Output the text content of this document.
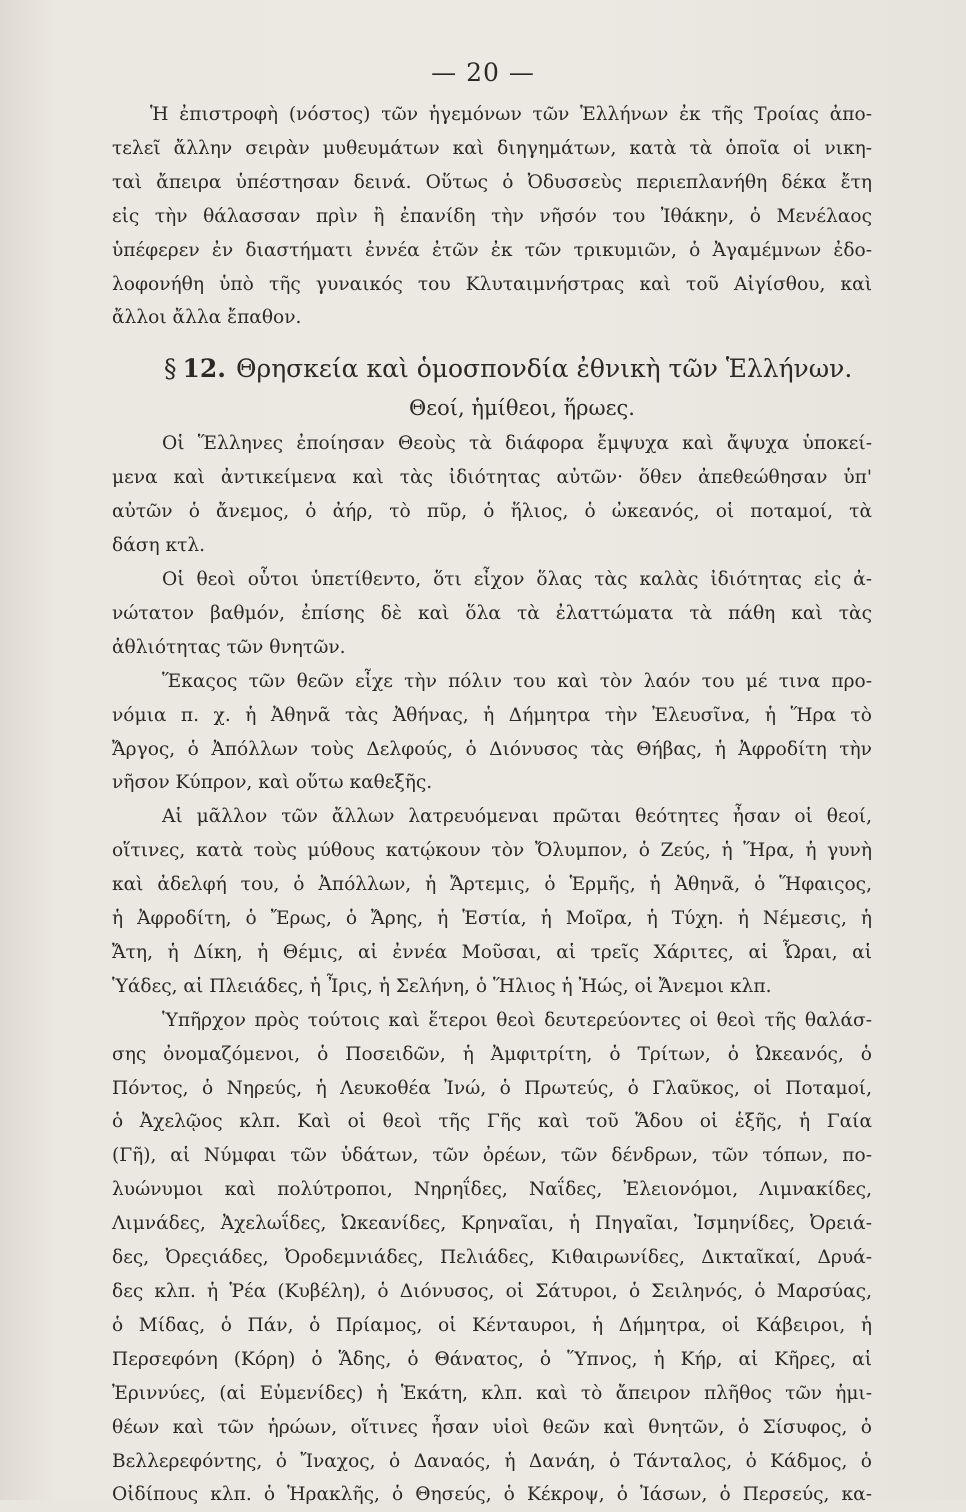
— 20 —
Ἡ ἐπιστροφὴ (νόστος) τῶν ἡγεμόνων τῶν Ἑλλήνων ἐκ τῆς Τροίας ἀπο-
τελεῖ ἄλλην σειρὰν μυθευμάτων καὶ διηγημάτων, κατὰ τὰ ὁποῖα οἱ νικη-
ταὶ ἄπειρα ὑπέστησαν δεινά. Οὕτως ὁ Ὀδυσσεὺς περιεπλανήθη δέκα ἔτη
εἰς τὴν θάλασσαν πρὶν ἢ ἐπανίδη τὴν νῆσόν του Ἰθάκην, ὁ Μενέλαος
ὑπέφερεν ἐν διαστήματι ἐννέα ἐτῶν ἐκ τῶν τρικυμιῶν, ὁ Ἀγαμέμνων ἐδο-
λοφονήθη ὑπὸ τῆς γυναικός του Κλυταιμνήστρας καὶ τοῦ Αἰγίσθου, καὶ
ἄλλοι ἄλλα ἔπαθον.
§ 12. Θρησκεία καὶ ὁμοσπονδία ἐθνικὴ τῶν Ἑλλήνων.
Θεοί, ἡμίθεοι, ἥρωες.
Οἱ Ἕλληνες ἐποίησαν Θεοὺς τὰ διάφορα ἔμψυχα καὶ ἄψυχα ὑποκεί-
μενα καὶ ἀντικείμενα καὶ τὰς ἰδιότητας αὐτῶν· ὅθεν ἀπεθεώθησαν ὑπ'
αὐτῶν ὁ ἄνεμος, ὁ ἀήρ, τὸ πῦρ, ὁ ἥλιος, ὁ ὠκεανός, οἱ ποταμοί, τὰ
δάση κτλ.
Οἱ θεοὶ οὗτοι ὑπετίθεντο, ὅτι εἶχον ὅλας τὰς καλὰς ἰδιότητας εἰς ἀ-
νώτατον βαθμόν, ἐπίσης δὲ καὶ ὅλα τὰ ἐλαττώματα τὰ πάθη καὶ τὰς
ἀθλιότητας τῶν θνητῶν.
Ἕκαςος τῶν θεῶν εἶχε τὴν πόλιν του καὶ τὸν λαόν του μέ τινα προ-
νόμια π. χ. ἡ Ἀθηνᾶ τὰς Ἀθήνας, ἡ Δήμητρα τὴν Ἐλευσῖνα, ἡ Ἥρα τὸ
Ἄργος, ὁ Ἀπόλλων τοὺς Δελφούς, ὁ Διόνυσος τὰς Θήβας, ἡ Ἀφροδίτη τὴν
νῆσον Κύπρον, καὶ οὕτω καθεξῆς.
Αἱ μᾶλλον τῶν ἄλλων λατρευόμεναι πρῶται θεότητες ἦσαν οἱ θεοί,
οἵτινες, κατὰ τοὺς μύθους κατῴκουν τὸν Ὄλυμπον, ὁ Ζεύς, ἡ Ἥρα, ἡ γυνὴ
καὶ ἀδελφή του, ὁ Ἀπόλλων, ἡ Ἄρτεμις, ὁ Ἑρμῆς, ἡ Ἀθηνᾶ, ὁ Ἥφαιςος,
ἡ Ἀφροδίτη, ὁ Ἔρως, ὁ Ἄρης, ἡ Ἑστία, ἡ Μοῖρα, ἡ Τύχη. ἡ Νέμεσις, ἡ
Ἄτη, ἡ Δίκη, ἡ Θέμις, αἱ ἐννέα Μοῦσαι, αἱ τρεῖς Χάριτες, αἱ Ὧραι, αἱ
Ὑάδες, αἱ Πλειάδες, ἡ Ἶρις, ἡ Σελήνη, ὁ Ἥλιος ἡ Ἠώς, οἱ Ἄνεμοι κλπ.
Ὑπῆρχον πρὸς τούτοις καὶ ἕτεροι θεοὶ δευτερεύοντες οἱ θεοὶ τῆς θαλάσ-
σης ὀνομαζόμενοι, ὁ Ποσειδῶν, ἡ Ἀμφιτρίτη, ὁ Τρίτων, ὁ Ὠκεανός, ὁ
Πόντος, ὁ Νηρεύς, ἡ Λευκοθέα Ἰνώ, ὁ Πρωτεύς, ὁ Γλαῦκος, οἱ Ποταμοί,
ὁ Ἀχελῷος κλπ. Καὶ οἱ θεοὶ τῆς Γῆς καὶ τοῦ Ἅδου οἱ ἑξῆς, ἡ Γαία
(Γῆ), αἱ Νύμφαι τῶν ὑδάτων, τῶν ὀρέων, τῶν δένδρων, τῶν τόπων, πο-
λυώνυμοι καὶ πολύτροποι, Νηρηΐδες, Ναΐδες, Ἐλειονόμοι, Λιμνακίδες,
Λιμνάδες, Ἀχελωΐδες, Ὠκεανίδες, Κρηναῖαι, ἡ Πηγαῖαι, Ἰσμηνίδες, Ὀρειά-
δες, Ὀρεςιάδες, Ὀροδεμνιάδες, Πελιάδες, Κιθαιρωνίδες, Δικταῖκαί, Δρυά-
δες κλπ. ἡ Ῥέα (Κυβέλη), ὁ Διόνυσος, οἱ Σάτυροι, ὁ Σειληνός, ὁ Μαρσύας,
ὁ Μίδας, ὁ Πάν, ὁ Πρίαμος, οἱ Κένταυροι, ἡ Δήμητρα, οἱ Κάβειροι, ἡ
Περσεφόνη (Κόρη) ὁ Ἅδης, ὁ Θάνατος, ὁ Ὕπνος, ἡ Κήρ, αἱ Κῆρες, αἱ
Ἐριννύες, (αἱ Εὐμενίδες) ἡ Ἑκάτη, κλπ. καὶ τὸ ἄπειρον πλῆθος τῶν ἡμι-
θέων καὶ τῶν ἡρώων, οἵτινες ἦσαν υἱοὶ θεῶν καὶ θνητῶν, ὁ Σίσυφος, ὁ
Βελλερεφόντης, ὁ Ἴναχος, ὁ Δαναός, ἡ Δανάη, ὁ Τάνταλος, ὁ Κάδμος, ὁ
Οἰδίπους κλπ. ὁ Ἡρακλῆς, ὁ Θησεύς, ὁ Κέκροψ, ὁ Ἰάσων, ὁ Περσεύς, κα-
